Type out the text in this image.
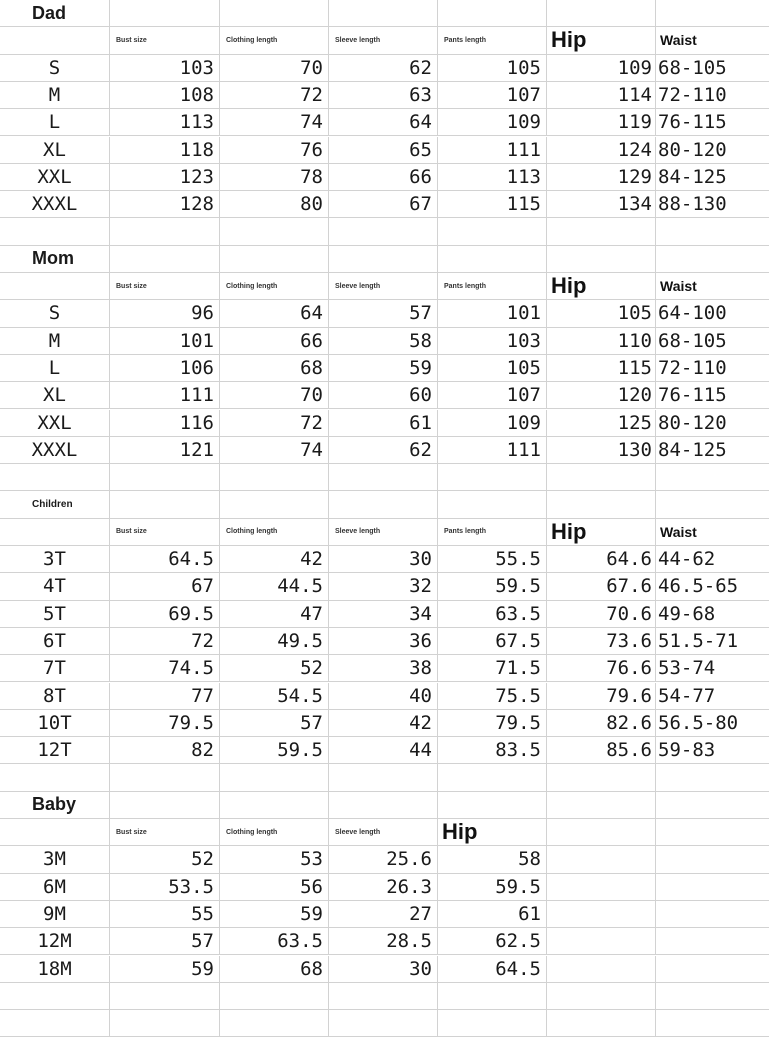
Dad
Bust size	Clothing length	Sleeve length	Pants length	Hip	Waist
S	103	70	62	105	109 68-105
M	108	72	63	107	114 72-110
L	113	74	64	109	119 76-115
XL	118	76	65	111	124 80-120
XXL	123	78	66	113	129 84-125
XXXL	128	80	67	115	134 88-130
Mom
Bust size	Clothing length	Sleeve length	Pants length	Hip	Waist
S	96	64	57	101	105 64-100
M	101	66	58	103	110 68-105
L	106	68	59	105	115 72-110
XL	111	70	60	107	120 76-115
XXL	116	72	61	109	125 80-120
XXXL	121	74	62	111	130 84-125
Children
Bust size	Clothing length	Sleeve length	Pants length	Hip	Waist
3T	64.5	42	30	55.5	64.6 44-62
4T	67	44.5	32	59.5	67.6 46.5-65
5T	69.5	47	34	63.5	70.6 49-68
6T	72	49.5	36	67.5	73.6 51.5-71
7T	74.5	52	38	71.5	76.6 53-74
8T	77	54.5	40	75.5	79.6 54-77
10T	79.5	57	42	79.5	82.6 56.5-80
12T	82	59.5	44	83.5	85.6 59-83
Baby
Bust size	Clothing length	Sleeve length	Hip
3M	52	53	25.6	58
6M	53.5	56	26.3	59.5
9M	55	59	27	61
12M	57	63.5	28.5	62.5
18M	59	68	30	64.5
